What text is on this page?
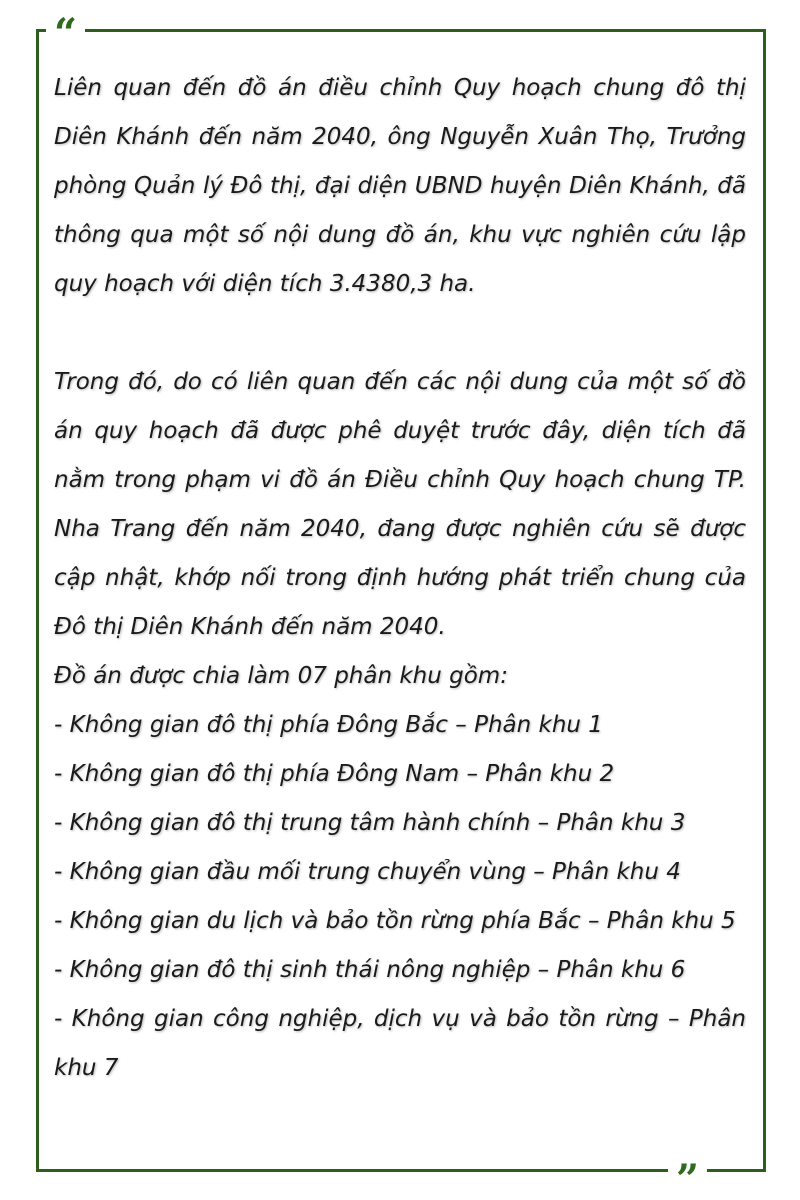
“
”

Liên quan đến đồ án điều chỉnh Quy hoạch chung đô thị Diên Khánh đến năm 2040, ông Nguyễn Xuân Thọ, Trưởng phòng Quản lý Đô thị, đại diện UBND huyện Diên Khánh, đã thông qua một số nội dung đồ án, khu vực nghiên cứu lập quy hoạch với diện tích 3.4380,3 ha.

Trong đó, do có liên quan đến các nội dung của một số đồ án quy hoạch đã được phê duyệt trước đây, diện tích đã nằm trong phạm vi đồ án Điều chỉnh Quy hoạch chung TP. Nha Trang đến năm 2040, đang được nghiên cứu sẽ được cập nhật, khớp nối trong định hướng phát triển chung của Đô thị Diên Khánh đến năm 2040.

Đồ án được chia làm 07 phân khu gồm:

- Không gian đô thị phía Đông Bắc – Phân khu 1

- Không gian đô thị phía Đông Nam – Phân khu 2

- Không gian đô thị trung tâm hành chính – Phân khu 3

- Không gian đầu mối trung chuyển vùng – Phân khu 4

- Không gian du lịch và bảo tồn rừng phía Bắc – Phân khu 5

- Không gian đô thị sinh thái nông nghiệp – Phân khu 6

- Không gian công nghiệp, dịch vụ và bảo tồn rừng – Phân khu 7
